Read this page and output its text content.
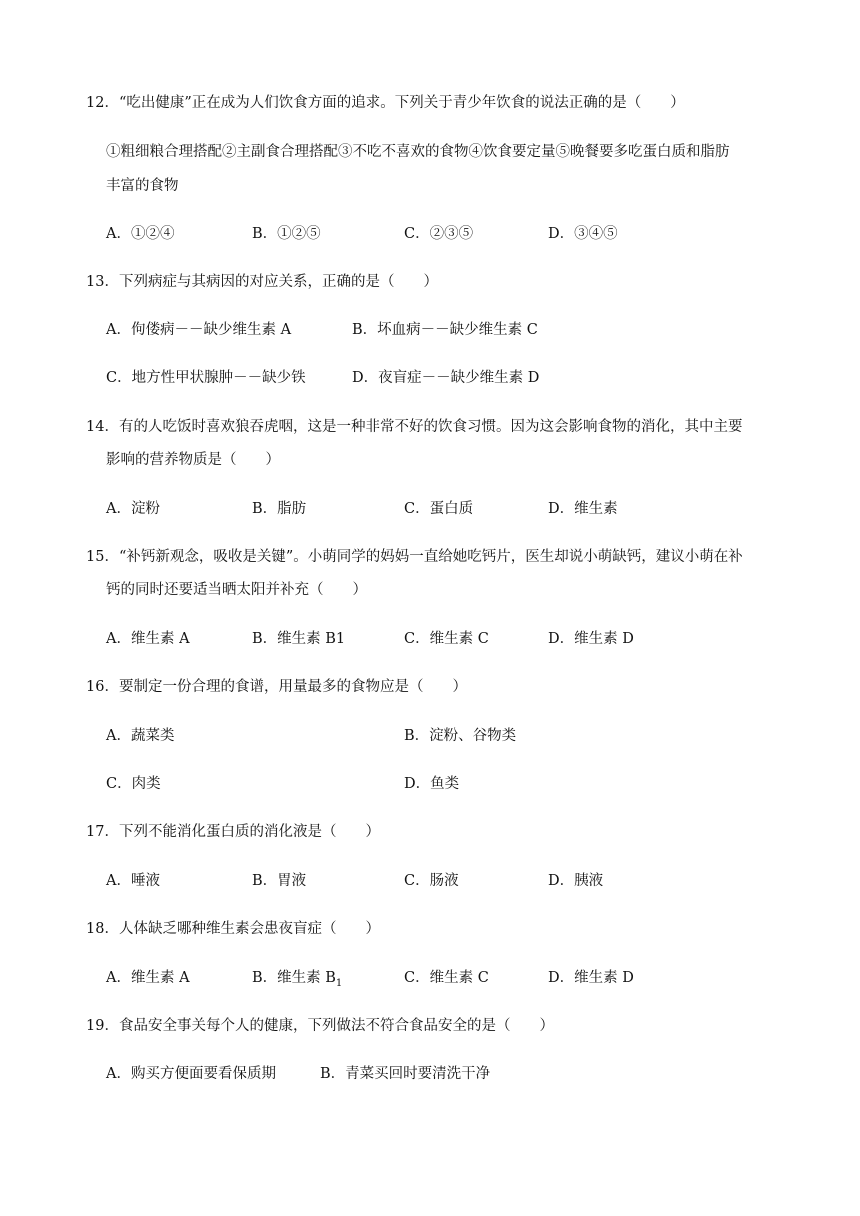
12．“吃出健康”正在成为人们饮食方面的追求。下列关于青少年饮食的说法正确的是（　　）
①粗细粮合理搭配②主副食合理搭配③不吃不喜欢的食物④饮食要定量⑤晚餐要多吃蛋白质和脂肪
丰富的食物
A．①②④	B．①②⑤	C．②③⑤	D．③④⑤
13．下列病症与其病因的对应关系，正确的是（　　）
A．佝偻病－－缺少维生素 A	B．坏血病－－缺少维生素 C
C．地方性甲状腺肿－－缺少铁	D．夜盲症－－缺少维生素 D
14．有的人吃饭时喜欢狼吞虎咽，这是一种非常不好的饮食习惯。因为这会影响食物的消化，其中主要
影响的营养物质是（　　）
A．淀粉	B．脂肪	C．蛋白质	D．维生素
15．“补钙新观念，吸收是关键”。小萌同学的妈妈一直给她吃钙片，医生却说小萌缺钙，建议小萌在补
钙的同时还要适当晒太阳并补充（　　）
A．维生素 A	B．维生素 B1	C．维生素 C	D．维生素 D
16．要制定一份合理的食谱，用量最多的食物应是（　　）
A．蔬菜类	B．淀粉、谷物类
C．肉类	D．鱼类
17．下列不能消化蛋白质的消化液是（　　）
A．唾液	B．胃液	C．肠液	D．胰液
18．人体缺乏哪种维生素会患夜盲症（　　）
A．维生素 A	B．维生素 $B_1$	C．维生素 C	D．维生素 D
19．食品安全事关每个人的健康，下列做法不符合食品安全的是（　　）
A．购买方便面要看保质期	B．青菜买回时要清洗干净
